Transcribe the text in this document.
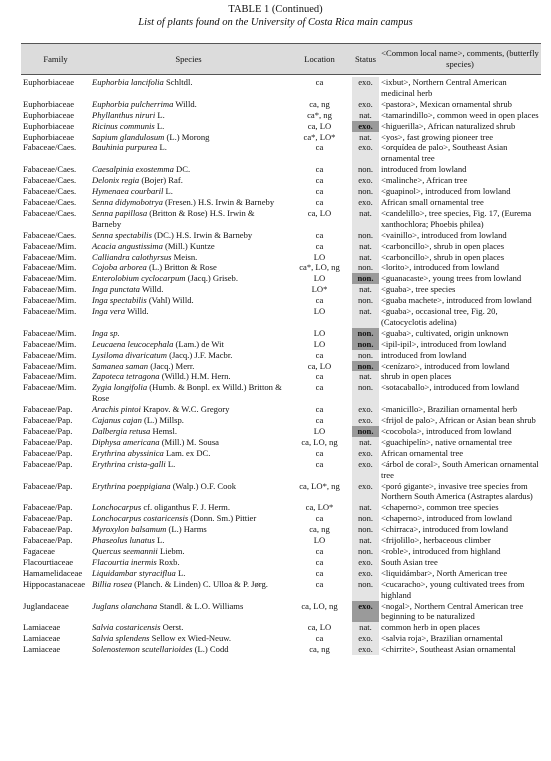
TABLE 1 (Continued)
List of plants found on the University of Costa Rica main campus
Family	Species	Location	Status	<Common local name>, comments, (butterfly species)

Euphorbiaceae	Euphorbia lancifolia Schltdl.	ca	exo.	<ixbut>, Northern Central American medicinal herb
Euphorbiaceae	Euphorbia pulcherrima Willd.	ca, ng	exo.	<pastora>, Mexican ornamental shrub
Euphorbiaceae	Phyllanthus niruri L.	ca*, ng	nat.	<tamarindillo>, common weed in open places
Euphorbiaceae	Ricinus communis L.	ca, LO	exo.	<higuerilla>, African naturalized shrub
Euphorbiaceae	Sapium glandulosum (L.) Morong	ca*, LO*	nat.	<yos>, fast growing pioneer tree
Fabaceae/Caes.	Bauhinia purpurea L.	ca	exo.	<orquídea de palo>, Southeast Asian ornamental tree
Fabaceae/Caes.	Caesalpinia exostemma DC.	ca	non.	introduced from lowland
Fabaceae/Caes.	Delonix regia (Bojer) Raf.	ca	exo.	<malinche>, African tree
Fabaceae/Caes.	Hymenaea courbaril L.	ca	non.	<guapinol>, introduced from lowland
Fabaceae/Caes.	Senna didymobotrya (Fresen.) H.S. Irwin & Barneby	ca	exo.	African small ornamental tree
Fabaceae/Caes.	Senna papillosa (Britton & Rose) H.S. Irwin & Barneby	ca, LO	nat.	<candelillo>, tree species, Fig. 17, (Eurema xanthochlora; Phoebis philea)
Fabaceae/Caes.	Senna spectabilis (DC.) H.S. Irwin & Barneby	ca	non.	<vainillo>, introduced from lowland
Fabaceae/Mim.	Acacia angustissima (Mill.) Kuntze	ca	nat.	<carboncillo>, shrub in open places
Fabaceae/Mim.	Calliandra calothyrsus Meisn.	LO	nat.	<carboncillo>, shrub in open places
Fabaceae/Mim.	Cojoba arborea (L.) Britton & Rose	ca*, LO, ng	non.	<lorito>, introduced from lowland
Fabaceae/Mim.	Enterolobium cyclocarpum (Jacq.) Griseb.	LO	non.	<guanacaste>, young trees from lowland
Fabaceae/Mim.	Inga punctata Willd.	LO*	nat.	<guaba>, tree species
Fabaceae/Mim.	Inga spectabilis (Vahl) Willd.	ca	non.	<guaba machete>, introduced from lowland
Fabaceae/Mim.	Inga vera Willd.	LO	nat.	<guaba>, occasional tree, Fig. 20, (Catocyclotis adelina)
Fabaceae/Mim.	Inga sp.	LO	non.	<guaba>, cultivated, origin unknown
Fabaceae/Mim.	Leucaena leucocephala (Lam.) de Wit	LO	non.	<ipil-ipil>, introduced from lowland
Fabaceae/Mim.	Lysiloma divaricatum (Jacq.) J.F. Macbr.	ca	non.	introduced from lowland
Fabaceae/Mim.	Samanea saman (Jacq.) Merr.	ca, LO	non.	<cenízaro>, introduced from lowland
Fabaceae/Mim.	Zapoteca tetragona (Willd.) H.M. Hern.	ca	nat.	shrub in open places
Fabaceae/Mim.	Zygia longifolia (Humb. & Bonpl. ex Willd.) Britton & Rose	ca	non.	<sotacaballo>, introduced from lowland
Fabaceae/Pap.	Arachis pintoi Krapov. & W.C. Gregory	ca	exo.	<manicillo>, Brazilian ornamental herb
Fabaceae/Pap.	Cajanus cajan (L.) Millsp.	ca	exo.	<frijol de palo>, African or Asian bean shrub
Fabaceae/Pap.	Dalbergia retusa Hemsl.	LO	non.	<cocobola>, introduced from lowland
Fabaceae/Pap.	Diphysa americana (Mill.) M. Sousa	ca, LO, ng	nat.	<guachipelín>, native ornamental tree
Fabaceae/Pap.	Erythrina abyssinica Lam. ex DC.	ca	exo.	African ornamental tree
Fabaceae/Pap.	Erythrina crista-galli L.	ca	exo.	<árbol de coral>, South American ornamental tree
Fabaceae/Pap.	Erythrina poeppigiana (Walp.) O.F. Cook	ca, LO*, ng	exo.	<poró gigante>, invasive tree species from Northern South America (Astraptes alardus)
Fabaceae/Pap.	Lonchocarpus cf. oliganthus F. J. Herm.	ca, LO*	nat.	<chaperno>, common tree species
Fabaceae/Pap.	Lonchocarpus costaricensis (Donn. Sm.) Pittier	ca	non.	<chaperno>, introduced from lowland
Fabaceae/Pap.	Myroxylon balsamum (L.) Harms	ca, ng	non.	<chirraca>, introduced from lowland
Fabaceae/Pap.	Phaseolus lunatus L.	LO	nat.	<frijolillo>, herbaceous climber
Fagaceae	Quercus seemannii Liebm.	ca	non.	<roble>, introduced from highland
Flacourtiaceae	Flacourtia inermis Roxb.	ca	exo.	South Asian tree
Hamamelidaceae	Liquidambar styraciflua L.	ca	exo.	<liquidámbar>, North American tree
Hippocastanaceae	Billia rosea (Planch. & Linden) C. Ulloa & P. Jørg.	ca	non.	<cucaracho>, young cultivated trees from highland
Juglandaceae	Juglans olanchana Standl. & L.O. Williams	ca, LO, ng	exo.	<nogal>, Northern Central American tree beginning to be naturalized
Lamiaceae	Salvia costaricensis Oerst.	ca, LO	nat.	common herb in open places
Lamiaceae	Salvia splendens Sellow ex Wied-Neuw.	ca	exo.	<salvia roja>, Brazilian ornamental
Lamiaceae	Solenostemon scutellarioides (L.) Codd	ca, ng	exo.	<chirrite>, Southeast Asian ornamental
